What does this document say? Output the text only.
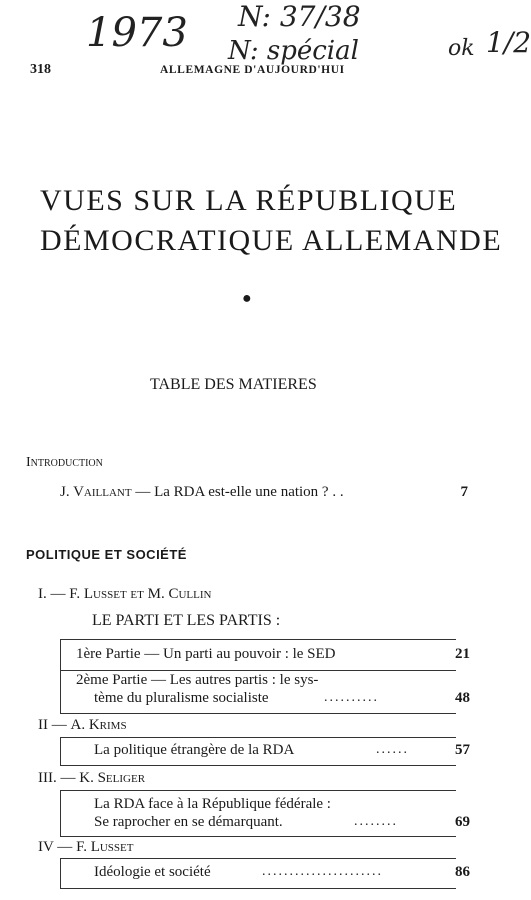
1973 N: 37/38
N: spécial	ok 1/2
318	ALLEMAGNE D'AUJOURD'HUI
VUES SUR LA RÉPUBLIQUE
DÉMOCRATIQUE ALLEMANDE
●
TABLE DES MATIERES
Introduction
J. Vaillant — La RDA est-elle une nation ? . .	7
POLITIQUE ET SOCIÉTÉ
I. — F. Lusset et M. Cullin
LE PARTI ET LES PARTIS :
1ère Partie — Un parti au pouvoir : le SED	21
2ème Partie — Les autres partis : le sys-
tème du pluralisme socialiste	..........	48
II — A. Krims
La politique étrangère de la RDA	......	57
III. — K. Seliger
La RDA face à la République fédérale :
Se raprocher en se démarquant.	........	69
IV — F. Lusset
Idéologie et société	......................	86
